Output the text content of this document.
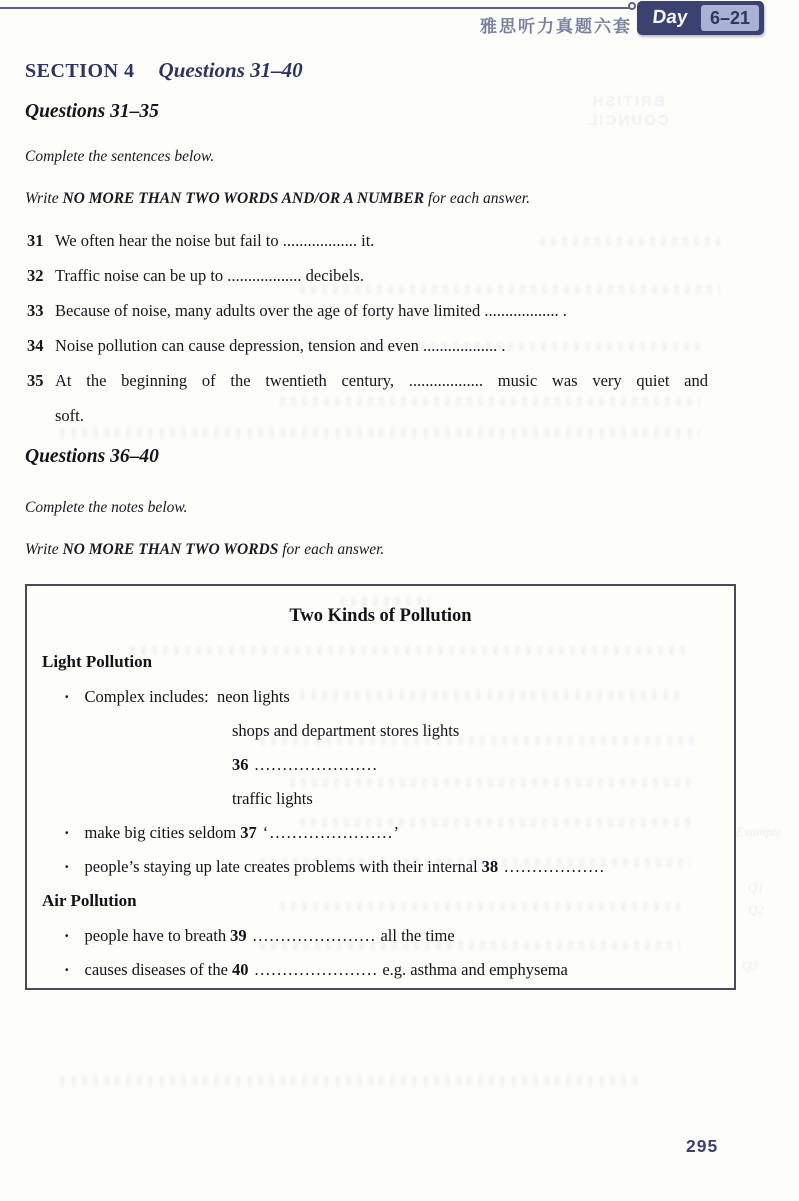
雅思听力真题六套	Day	6–21
SECTION 4 Questions 31–40
Questions 31–35
Complete the sentences below.
Write NO MORE THAN TWO WORDS AND/OR A NUMBER for each answer.
31 We often hear the noise but fail to .................. it.
32 Traffic noise can be up to .................. decibels.
33 Because of noise, many adults over the age of forty have limited .................. .
34 Noise pollution can cause depression, tension and even .................. .
35 At the beginning of the twentieth century, .................. music was very quiet and
soft.
Questions 36–40
Complete the notes below.
Write NO MORE THAN TWO WORDS for each answer.
Two Kinds of Pollution
Light Pollution
· Complex includes: neon lights
shops and department stores lights
36 ......................
traffic lights
· make big cities seldom 37 ‘......................’
· people’s staying up late creates problems with their internal 38 ..................
Air Pollution
· people have to breath 39 ...................... all the time
· causes diseases of the 40 ...................... e.g. asthma and emphysema
BRITISH
COUNCIL
Example
Q1
Q2
Q3
295
